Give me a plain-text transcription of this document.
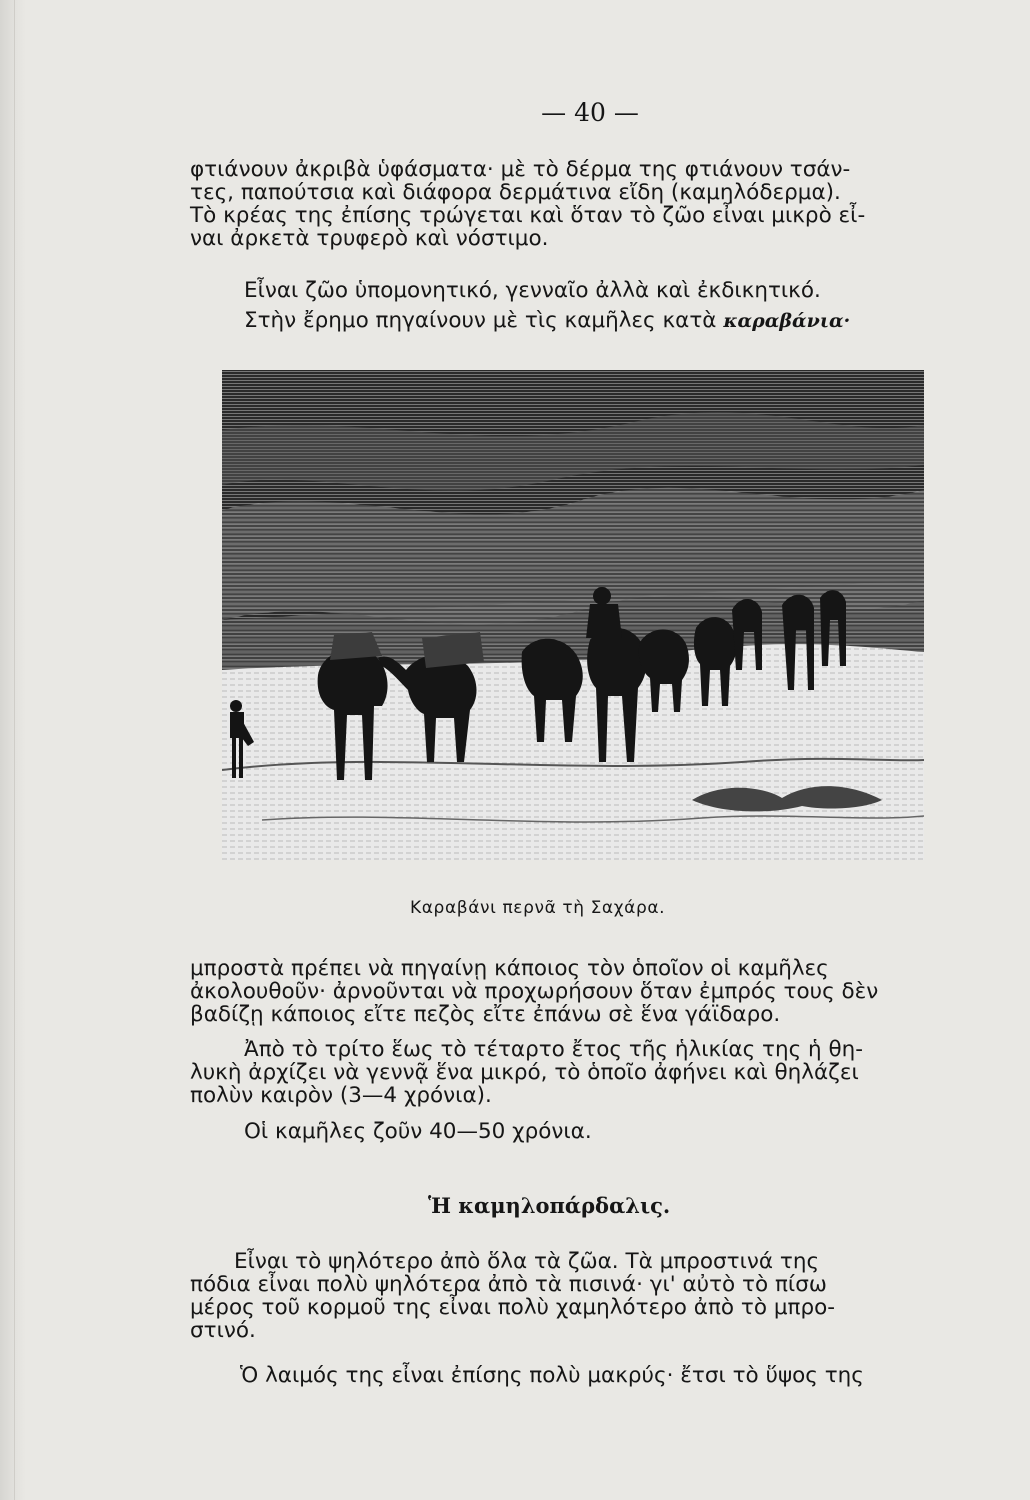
— 40 —

φτιάνουν ἀκριβὰ ὑφάσματα· μὲ τὸ δέρμα της φτιάνουν τσάν-
τες, παπούτσια καὶ διάφορα δερμάτινα εἴδη (καμηλόδερμα).
Τὸ κρέας της ἐπίσης τρώγεται καὶ ὅταν τὸ ζῶο εἶναι μικρὸ εἶ-
ναι ἀρκετὰ τρυφερὸ καὶ νόστιμο.

Εἶναι ζῶο ὑπομονητικό, γενναῖο ἀλλὰ καὶ ἐκδικητικό.

Στὴν ἔρημο πηγαίνουν μὲ τὶς καμῆλες κατὰ καραβάνια·

Καραβάνι περνᾶ τὴ Σαχάρα.

μπροστὰ πρέπει νὰ πηγαίνῃ κάποιος τὸν ὁποῖον οἱ καμῆλες
ἀκολουθοῦν· ἀρνοῦνται νὰ προχωρήσουν ὅταν ἐμπρός τους δὲν
βαδίζῃ κάποιος εἴτε πεζὸς εἴτε ἐπάνω σὲ ἕνα γάϊδαρο.

Ἀπὸ τὸ τρίτο ἕως τὸ τέταρτο ἔτος τῆς ἡλικίας της ἡ θη-
λυκὴ ἀρχίζει νὰ γεννᾷ ἕνα μικρό, τὸ ὁποῖο ἀφήνει καὶ θηλάζει
πολὺν καιρὸν (3—4 χρόνια).

Οἱ καμῆλες ζοῦν 40—50 χρόνια.

Ἡ καμηλοπάρδαλις.

Εἶναι τὸ ψηλότερο ἀπὸ ὅλα τὰ ζῶα. Τὰ μπροστινά της
πόδια εἶναι πολὺ ψηλότερα ἀπὸ τὰ πισινά· γι' αὐτὸ τὸ πίσω
μέρος τοῦ κορμοῦ της εἶναι πολὺ χαμηλότερο ἀπὸ τὸ μπρο-
στινό.

Ὁ λαιμός της εἶναι ἐπίσης πολὺ μακρύς· ἔτσι τὸ ὕψος της
